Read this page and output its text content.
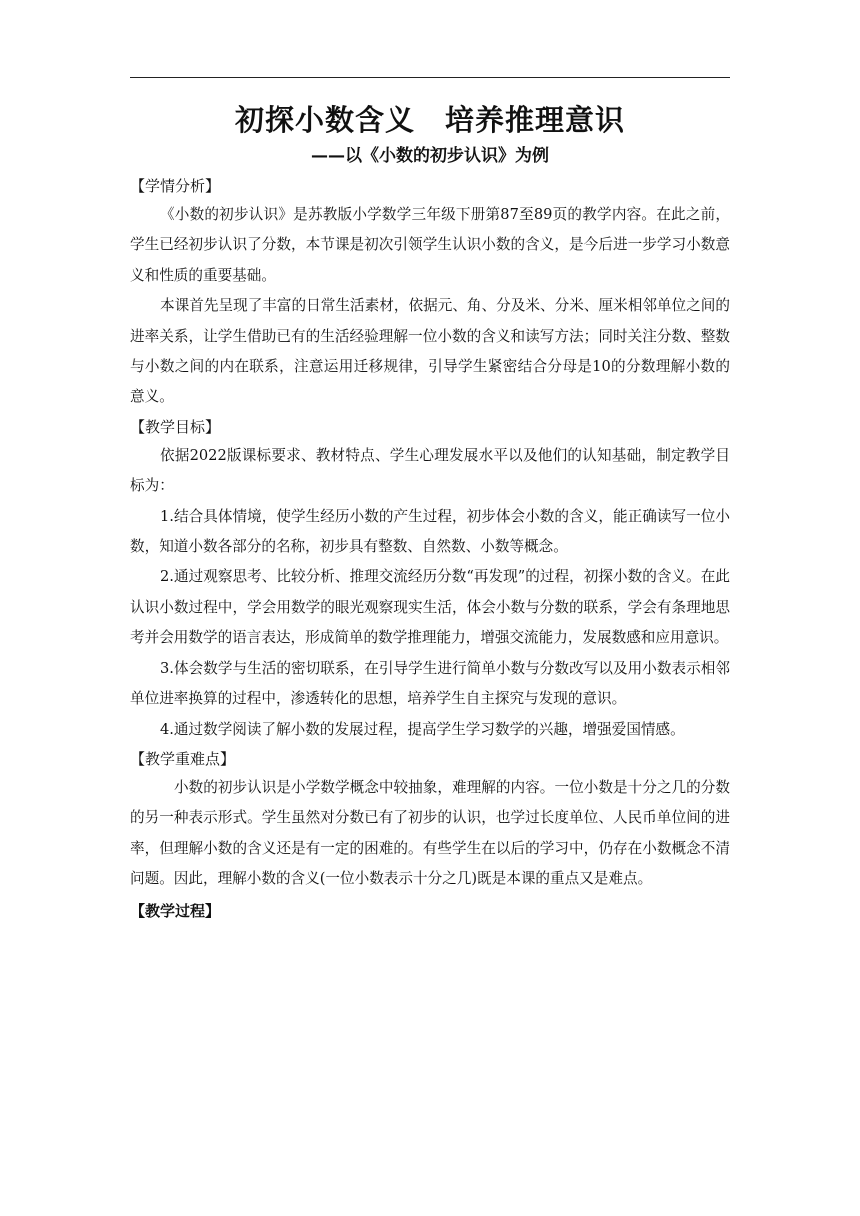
初探小数含义　培养推理意识
——以《小数的初步认识》为例

【学情分析】

《小数的初步认识》是苏教版小学数学三年级下册第87至89页的教学内容。在此之前，学生已经初步认识了分数，本节课是初次引领学生认识小数的含义，是今后进一步学习小数意义和性质的重要基础。

本课首先呈现了丰富的日常生活素材，依据元、角、分及米、分米、厘米相邻单位之间的进率关系，让学生借助已有的生活经验理解一位小数的含义和读写方法；同时关注分数、整数与小数之间的内在联系，注意运用迁移规律，引导学生紧密结合分母是10的分数理解小数的意义。

【教学目标】

依据2022版课标要求、教材特点、学生心理发展水平以及他们的认知基础，制定教学目标为：

1.结合具体情境，使学生经历小数的产生过程，初步体会小数的含义，能正确读写一位小数，知道小数各部分的名称，初步具有整数、自然数、小数等概念。

2.通过观察思考、比较分析、推理交流经历分数“再发现”的过程，初探小数的含义。在此认识小数过程中，学会用数学的眼光观察现实生活，体会小数与分数的联系，学会有条理地思考并会用数学的语言表达，形成简单的数学推理能力，增强交流能力，发展数感和应用意识。

3.体会数学与生活的密切联系，在引导学生进行简单小数与分数改写以及用小数表示相邻单位进率换算的过程中，渗透转化的思想，培养学生自主探究与发现的意识。

4.通过数学阅读了解小数的发展过程，提高学生学习数学的兴趣，增强爱国情感。

【教学重难点】

小数的初步认识是小学数学概念中较抽象，难理解的内容。一位小数是十分之几的分数的另一种表示形式。学生虽然对分数已有了初步的认识，也学过长度单位、人民币单位间的进率，但理解小数的含义还是有一定的困难的。有些学生在以后的学习中，仍存在小数概念不清问题。因此，理解小数的含义(一位小数表示十分之几)既是本课的重点又是难点。

【教学过程】
